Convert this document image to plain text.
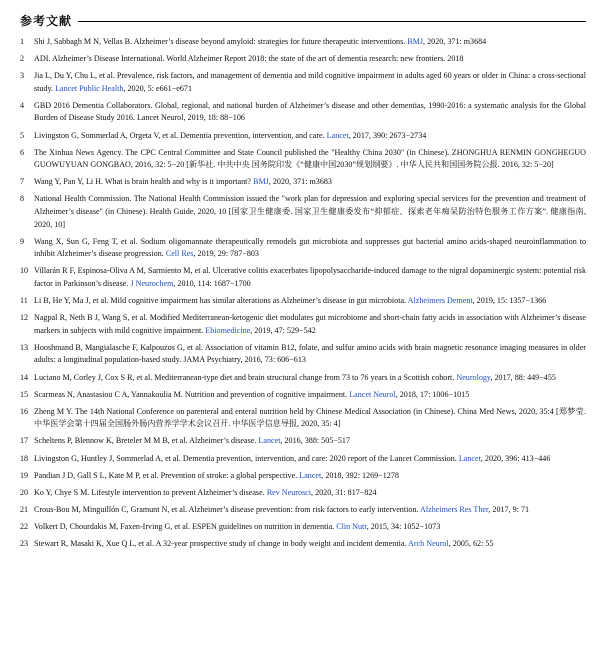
参考文献
1	Shi J, Sabbagh M N, Vellas B. Alzheimer’s disease beyond amyloid: strategies for future therapeutic interventions. BMJ, 2020, 371: m3684
2	ADI. Alzheimer’s Disease International. World Alzheimer Report 2018: the state of the art of dementia research: new frontiers. 2018
3	Jia L, Du Y, Chu L, et al. Prevalence, risk factors, and management of dementia and mild cognitive impairment in adults aged 60 years or older in China: a cross-sectional study. Lancet Public Health, 2020, 5: e661−e671
4	GBD 2016 Dementia Collaborators. Global, regional, and national burden of Alzheimer’s disease and other dementias, 1990-2016: a systematic analysis for the Global Burden of Disease Study 2016. Lancet Neurol, 2019, 18: 88−106
5	Livingston G, Sommerlad A, Orgeta V, et al. Dementia prevention, intervention, and care. Lancet, 2017, 390: 2673−2734
6	The Xinhua News Agency. The CPC Central Committee and State Council published the "Healthy China 2030" (in Chinese). ZHONGHUA RENMIN GONGHEGUO GUOWUYUAN GONGBAO, 2016, 32: 5−20 [新华社. 中共中央 国务院印发《“健康中国2030”规划纲要》. 中华人民共和国国务院公报. 2016, 32: 5−20]
7	Wang Y, Pan Y, Li H. What is brain health and why is it important? BMJ, 2020, 371: m3683
8	National Health Commission. The National Health Commission issued the "work plan for depression and exploring special services for the prevention and treatment of Alzheimer’s disease" (in Chinese). Health Guide, 2020, 10 [国家卫生健康委. 国家卫生健康委发布“抑郁症、探索老年痴呆防治特色服务工作方案”. 健康指南, 2020, 10]
9	Wang X, Sun G, Feng T, et al. Sodium oligomannate therapeutically remodels gut microbiota and suppresses gut bacterial amino acids-shaped neuroinflammation to inhibit Alzheimer’s disease progression. Cell Res, 2019, 29: 787−803
10 Villarán R F, Espinosa-Oliva A M, Sarmiento M, et al. Ulcerative colitis exacerbates lipopolysaccharide-induced damage to the nigral dopaminergic system: potential risk factor in Parkinson’s disease. J Neurochem, 2010, 114: 1687−1700
11 Li B, He Y, Ma J, et al. Mild cognitive impairment has similar alterations as Alzheimer’s disease in gut microbiota. Alzheimers Dement, 2019, 15: 1357−1366
12 Nagpal R, Neth B J, Wang S, et al. Modified Mediterranean-ketogenic diet modulates gut microbiome and short-chain fatty acids in association with Alzheimer’s disease markers in subjects with mild cognitive impairment. Ebiomedicine, 2019, 47: 529−542
13 Hooshmand B, Mangialasche F, Kalpouzos G, et al. Association of vitamin B12, folate, and sulfur amino acids with brain magnetic resonance imaging measures in older adults: a longitudinal population-based study. JAMA Psychiatry, 2016, 73: 606−613
14 Luciano M, Corley J, Cox S R, et al. Mediterranean-type diet and brain structural change from 73 to 76 years in a Scottish cohort. Neurology, 2017, 88: 449−455
15 Scarmeas N, Anastasiou C A, Yannakoulia M. Nutrition and prevention of cognitive impairment. Lancet Neurol, 2018, 17: 1006−1015
16 Zheng M Y. The 14th National Conference on parenteral and enteral nutrition held by Chinese Medical Association (in Chinese). China Med News, 2020, 35:4 [郑梦莹. 中华医学会第十四届全国肠外肠内营养学学术会议召开. 中华医学信息导报, 2020, 35: 4]
17 Scheltens P, Blennow K, Breteler M M B, et al. Alzheimer’s disease. Lancet, 2016, 388: 505−517
18 Livingston G, Huntley J, Sommerlad A, et al. Dementia prevention, intervention, and care: 2020 report of the Lancet Commission. Lancet, 2020, 396: 413−446
19 Pandian J D, Gall S L, Kate M P, et al. Prevention of stroke: a global perspective. Lancet, 2018, 392: 1269−1278
20 Ko Y, Chye S M. Lifestyle intervention to prevent Alzheimer’s disease. Rev Neurosci, 2020, 31: 817−824
21 Crous-Bou M, Minguillón C, Gramunt N, et al. Alzheimer’s disease prevention: from risk factors to early intervention. Alzheimers Res Ther, 2017, 9: 71
22 Volkert D, Chourdakis M, Faxen-Irving G, et al. ESPEN guidelines on nutrition in dementia. Clin Nutr, 2015, 34: 1052−1073
23 Stewart R, Masaki K, Xue Q L, et al. A 32-year prospective study of change in body weight and incident dementia. Arch Neurol, 2005, 62: 55
